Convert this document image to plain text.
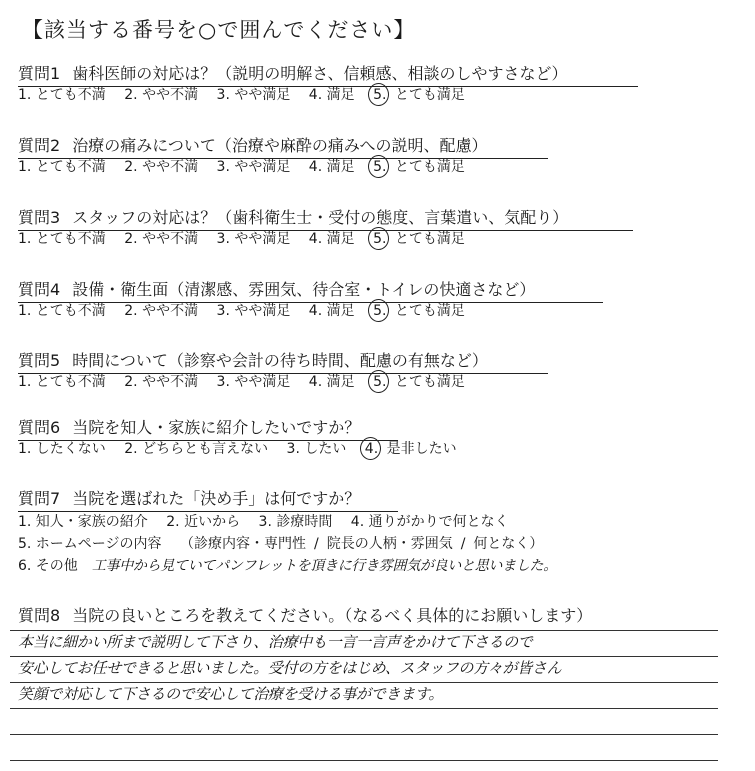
【該当する番号を○で囲んでください】
質問1 歯科医師の対応は？（説明の明解さ、信頼感、相談のしやすさなど）
1. とても不満 2. やや不満 3. やや満足 4. 満足 5. とても満足
質問2 治療の痛みについて（治療や麻酔の痛みへの説明、配慮）
1. とても不満 2. やや不満 3. やや満足 4. 満足 5. とても満足
質問3 スタッフの対応は？（歯科衛生士・受付の態度、言葉遣い、気配り）
1. とても不満 2. やや不満 3. やや満足 4. 満足 5. とても満足
質問4 設備・衛生面（清潔感、雰囲気、待合室・トイレの快適さなど）
1. とても不満 2. やや不満 3. やや満足 4. 満足 5. とても満足
質問5 時間について（診察や会計の待ち時間、配慮の有無など）
1. とても不満 2. やや不満 3. やや満足 4. 満足 5. とても満足
質問6 当院を知人・家族に紹介したいですか？
1. したくない 2. どちらとも言えない 3. したい 4. 是非したい
質問7 当院を選ばれた「決め手」は何ですか？
1. 知人・家族の紹介 2. 近いから 3. 診療時間 4. 通りがかりで何となく
5. ホームページの内容 （診療内容・専門性 / 院長の人柄・雰囲気 / 何となく）
6. その他 工事中から見ていてパンフレットを頂きに行き雰囲気が良いと思いました。
質問8 当院の良いところを教えてください。（なるべく具体的にお願いします）
本当に細かい所まで説明して下さり、治療中も一言一言声をかけて下さるので
安心してお任せできると思いました。受付の方をはじめ、スタッフの方々が皆さん
笑顔で対応して下さるので安心して治療を受ける事ができます。
